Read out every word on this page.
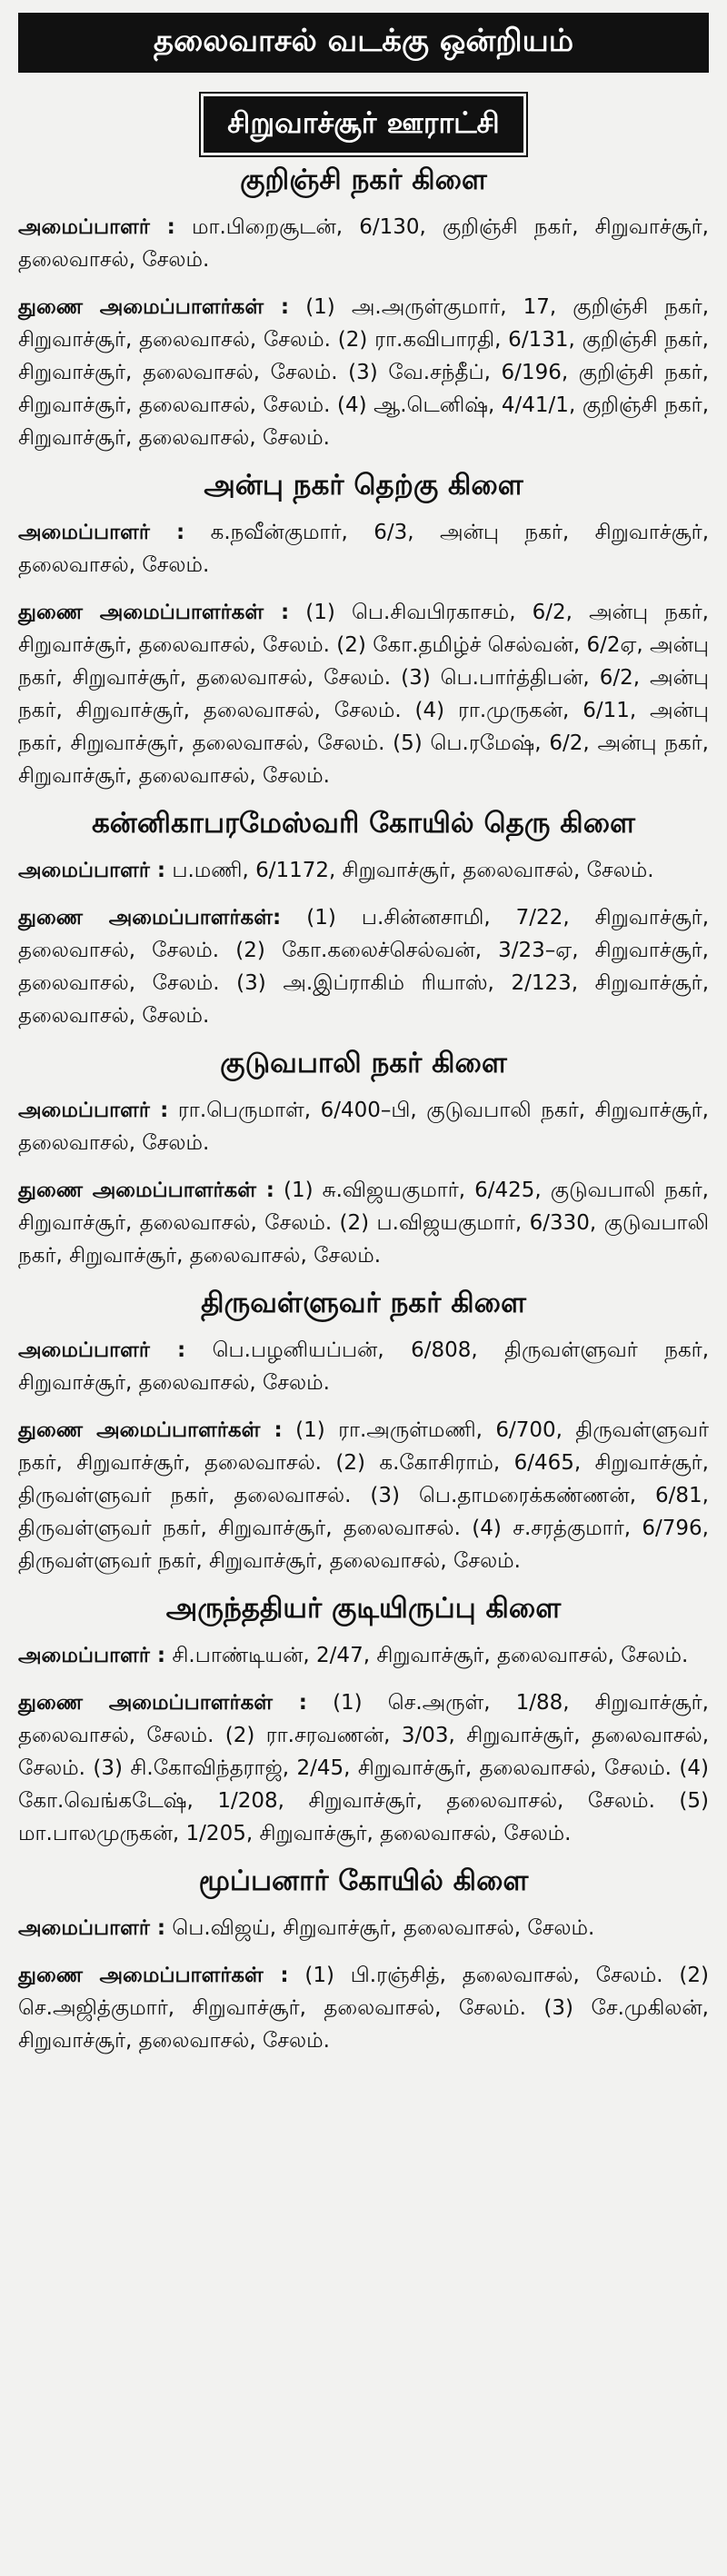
தலைவாசல் வடக்கு ஒன்றியம்
சிறுவாச்சூர் ஊராட்சி
குறிஞ்சி நகர் கிளை

அமைப்பாளர் : மா.பிறைசூடன், 6/130, குறிஞ்சி நகர், சிறுவாச்சூர், தலைவாசல், சேலம்.

துணை அமைப்பாளர்கள் : (1) அ.அருள்குமார், 17, குறிஞ்சி நகர், சிறுவாச்சூர், தலைவாசல், சேலம். (2) ரா.கவிபாரதி, 6/131, குறிஞ்சி நகர், சிறுவாச்சூர், தலைவாசல், சேலம். (3) வே.சந்தீப், 6/196, குறிஞ்சி நகர், சிறுவாச்சூர், தலைவாசல், சேலம். (4) ஆ.டெனிஷ், 4/41/1, குறிஞ்சி நகர், சிறுவாச்சூர், தலைவாசல், சேலம்.

அன்பு நகர் தெற்கு கிளை

அமைப்பாளர் : க.நவீன்குமார், 6/3, அன்பு நகர், சிறுவாச்சூர், தலைவாசல், சேலம்.

துணை அமைப்பாளர்கள் : (1) பெ.சிவபிரகாசம், 6/2, அன்பு நகர், சிறுவாச்சூர், தலைவாசல், சேலம். (2) கோ.தமிழ்ச் செல்வன், 6/2ஏ, அன்பு நகர், சிறுவாச்சூர், தலைவாசல், சேலம். (3) பெ.பார்த்திபன், 6/2, அன்பு நகர், சிறுவாச்சூர், தலைவாசல், சேலம். (4) ரா.முருகன், 6/11, அன்பு நகர், சிறுவாச்சூர், தலைவாசல், சேலம். (5) பெ.ரமேஷ், 6/2, அன்பு நகர், சிறுவாச்சூர், தலைவாசல், சேலம்.

கன்னிகாபரமேஸ்வரி கோயில் தெரு கிளை

அமைப்பாளர் : ப.மணி, 6/1172, சிறுவாச்சூர், தலைவாசல், சேலம்.

துணை அமைப்பாளர்கள்: (1) ப.சின்னசாமி, 7/22, சிறுவாச்சூர், தலைவாசல், சேலம். (2) கோ.கலைச்செல்வன், 3/23–ஏ, சிறுவாச்சூர், தலைவாசல், சேலம். (3) அ.இப்ராகிம் ரியாஸ், 2/123, சிறுவாச்சூர், தலைவாசல், சேலம்.

குடுவபாலி நகர் கிளை

அமைப்பாளர் : ரா.பெருமாள், 6/400–பி, குடுவபாலி நகர், சிறுவாச்சூர், தலைவாசல், சேலம்.

துணை அமைப்பாளர்கள் : (1) சு.விஜயகுமார், 6/425, குடுவபாலி நகர், சிறுவாச்சூர், தலைவாசல், சேலம். (2) ப.விஜயகுமார், 6/330, குடுவபாலி நகர், சிறுவாச்சூர், தலைவாசல், சேலம்.

திருவள்ளுவர் நகர் கிளை

அமைப்பாளர் : பெ.பழனியப்பன், 6/808, திருவள்ளுவர் நகர், சிறுவாச்சூர், தலைவாசல், சேலம்.

துணை அமைப்பாளர்கள் : (1) ரா.அருள்மணி, 6/700, திருவள்ளுவர் நகர், சிறுவாச்சூர், தலைவாசல். (2) க.கோசிராம், 6/465, சிறுவாச்சூர், திருவள்ளுவர் நகர், தலைவாசல். (3) பெ.தாமரைக்கண்ணன், 6/81, திருவள்ளுவர் நகர், சிறுவாச்சூர், தலைவாசல். (4) ச.சரத்குமார், 6/796, திருவள்ளுவர் நகர், சிறுவாச்சூர், தலைவாசல், சேலம்.

அருந்ததியர் குடியிருப்பு கிளை

அமைப்பாளர் : சி.பாண்டியன், 2/47, சிறுவாச்சூர், தலைவாசல், சேலம்.

துணை அமைப்பாளர்கள் : (1) செ.அருள், 1/88, சிறுவாச்சூர், தலைவாசல், சேலம். (2) ரா.சரவணன், 3/03, சிறுவாச்சூர், தலைவாசல், சேலம். (3) சி.கோவிந்தராஜ், 2/45, சிறுவாச்சூர், தலைவாசல், சேலம். (4) கோ.வெங்கடேஷ், 1/208, சிறுவாச்சூர், தலைவாசல், சேலம். (5) மா.பாலமுருகன், 1/205, சிறுவாச்சூர், தலைவாசல், சேலம்.

மூப்பனார் கோயில் கிளை

அமைப்பாளர் : பெ.விஜய், சிறுவாச்சூர், தலைவாசல், சேலம்.

துணை அமைப்பாளர்கள் : (1) பி.ரஞ்சித், தலைவாசல், சேலம். (2) செ.அஜித்குமார், சிறுவாச்சூர், தலைவாசல், சேலம். (3) சே.முகிலன், சிறுவாச்சூர், தலைவாசல், சேலம்.
